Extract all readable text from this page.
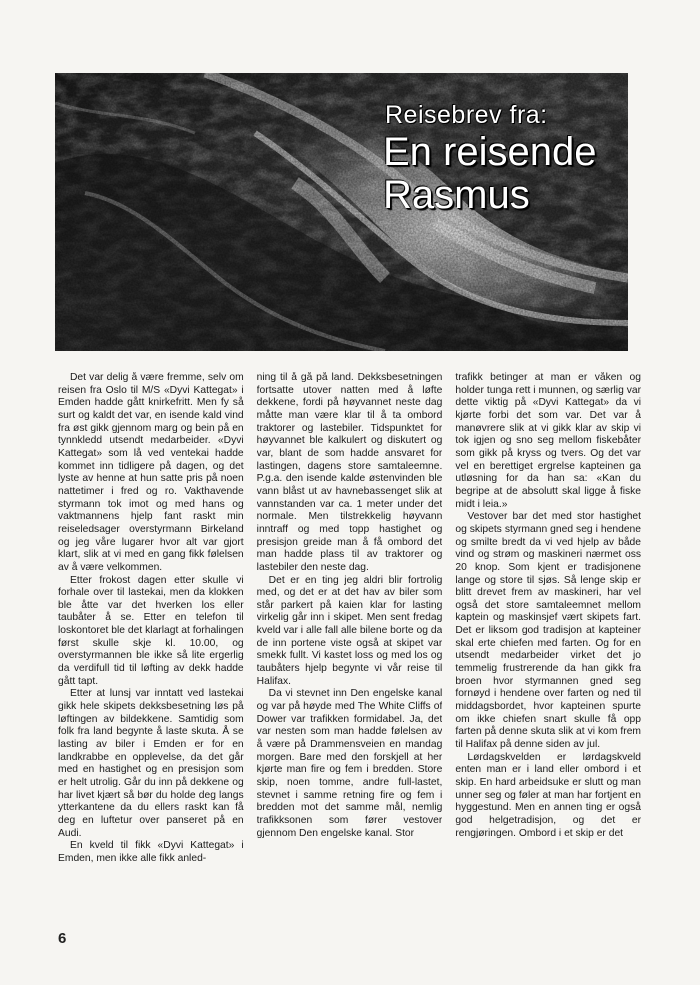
Reisebrev fra:
En reisende
Rasmus

Det var delig å være fremme, selv om reisen fra Oslo til M/S «Dyvi Kattegat» i Emden hadde gått knirkefritt. Men fy så surt og kaldt det var, en isende kald vind fra øst gikk gjennom marg og bein på en tynnkledd utsendt medarbeider. «Dyvi Kattegat» som lå ved ventekai hadde kommet inn tidligere på dagen, og det lyste av henne at hun satte pris på noen nattetimer i fred og ro. Vakthavende styrmann tok imot og med hans og vaktmannens hjelp fant raskt min reiseledsager overstyrmann Birkeland og jeg våre lugarer hvor alt var gjort klart, slik at vi med en gang fikk følelsen av å være velkommen.

Etter frokost dagen etter skulle vi forhale over til lastekai, men da klokken ble åtte var det hverken los eller taubåter å se. Etter en telefon til loskontoret ble det klarlagt at forhalingen først skulle skje kl. 10.00, og overstyrmannen ble ikke så lite ergerlig da verdifull tid til løfting av dekk hadde gått tapt.

Etter at lunsj var inntatt ved lastekai gikk hele skipets dekksbesetning løs på løftingen av bildekkene. Samtidig som folk fra land begynte å laste skuta. Å se lasting av biler i Emden er for en landkrabbe en opplevelse, da det går med en hastighet og en presisjon som er helt utrolig. Går du inn på dekkene og har livet kjært så bør du holde deg langs ytterkantene da du ellers raskt kan få deg en luftetur over panseret på en Audi.

En kveld til fikk «Dyvi Kattegat» i Emden, men ikke alle fikk anled-

ning til å gå på land. Dekksbesetningen fortsatte utover natten med å løfte dekkene, fordi på høyvannet neste dag måtte man være klar til å ta ombord traktorer og lastebiler. Tidspunktet for høyvannet ble kalkulert og diskutert og var, blant de som hadde ansvaret for lastingen, dagens store samtaleemne. P.g.a. den isende kalde østenvinden ble vann blåst ut av havnebassenget slik at vannstanden var ca. 1 meter under det normale. Men tilstrekkelig høyvann inntraff og med topp hastighet og presisjon greide man å få ombord det man hadde plass til av traktorer og lastebiler den neste dag.

Det er en ting jeg aldri blir fortrolig med, og det er at det hav av biler som står parkert på kaien klar for lasting virkelig går inn i skipet. Men sent fredag kveld var i alle fall alle bilene borte og da de inn portene viste også at skipet var smekk fullt. Vi kastet loss og med los og taubåters hjelp begynte vi vår reise til Halifax.

Da vi stevnet inn Den engelske kanal og var på høyde med The White Cliffs of Dower var trafikken formidabel. Ja, det var nesten som man hadde følelsen av å være på Drammensveien en mandag morgen. Bare med den forskjell at her kjørte man fire og fem i bredden. Store skip, noen tomme, andre full-lastet, stevnet i samme retning fire og fem i bredden mot det samme mål, nemlig trafikksonen som fører vestover gjennom Den engelske kanal. Stor

trafikk betinger at man er våken og holder tunga rett i munnen, og særlig var dette viktig på «Dyvi Kattegat» da vi kjørte forbi det som var. Det var å manøvrere slik at vi gikk klar av skip vi tok igjen og sno seg mellom fiskebåter som gikk på kryss og tvers. Og det var vel en berettiget ergrelse kapteinen ga utløsning for da han sa: «Kan du begripe at de absolutt skal ligge å fiske midt i leia.»

Vestover bar det med stor hastighet og skipets styrmann gned seg i hendene og smilte bredt da vi ved hjelp av både vind og strøm og maskineri nærmet oss 20 knop. Som kjent er tradisjonene lange og store til sjøs. Så lenge skip er blitt drevet frem av maskineri, har vel også det store samtaleemnet mellom kaptein og maskinsjef vært skipets fart. Det er liksom god tradisjon at kapteiner skal erte chiefen med farten. Og for en utsendt medarbeider virket det jo temmelig frustrerende da han gikk fra broen hvor styrmannen gned seg fornøyd i hendene over farten og ned til middagsbordet, hvor kapteinen spurte om ikke chiefen snart skulle få opp farten på denne skuta slik at vi kom frem til Halifax på denne siden av jul.

Lørdagskvelden er lørdagskveld enten man er i land eller ombord i et skip. En hard arbeidsuke er slutt og man unner seg og føler at man har fortjent en hyggestund. Men en annen ting er også god helgetradisjon, og det er rengjøringen. Ombord i et skip er det

6
